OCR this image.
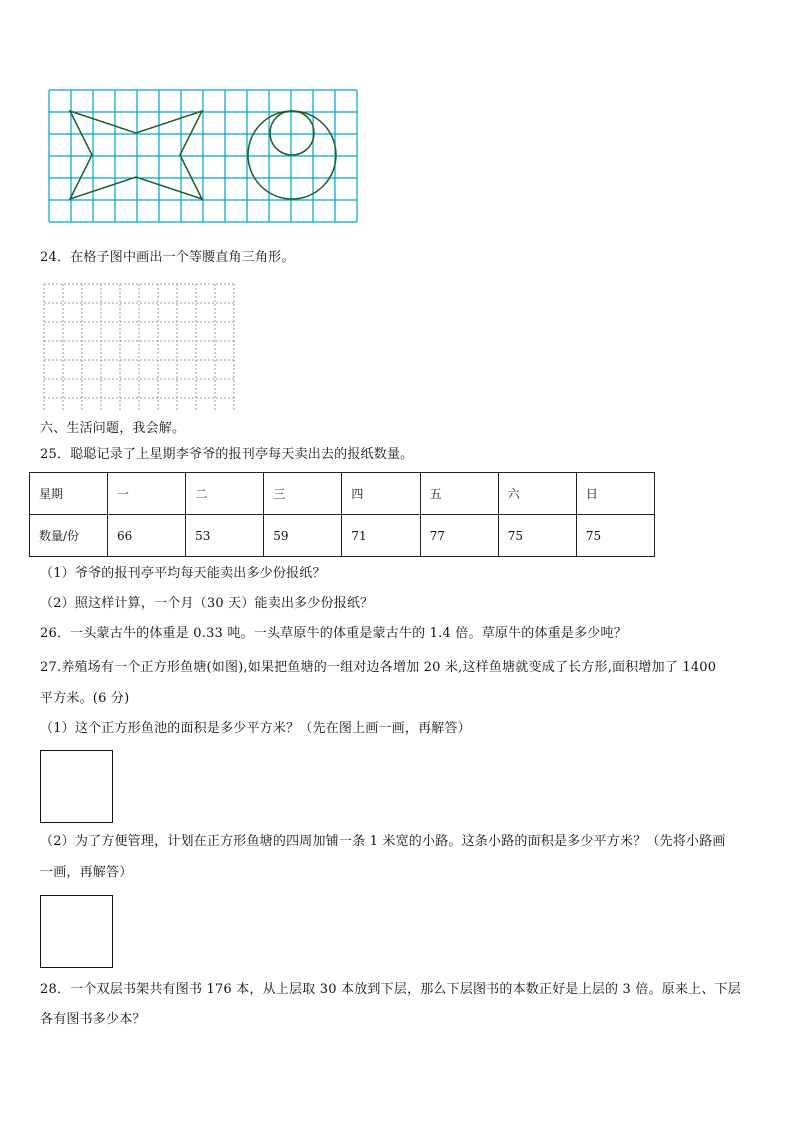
24．在格子图中画出一个等腰直角三角形。
六、生活问题，我会解。
25．聪聪记录了上星期李爷爷的报刊亭每天卖出去的报纸数量。
星期	一	二	三	四	五	六	日
数量/份	66	53	59	71	77	75	75
（1）爷爷的报刊亭平均每天能卖出多少份报纸？
（2）照这样计算，一个月（30 天）能卖出多少份报纸？
26．一头蒙古牛的体重是 0.33 吨。一头草原牛的体重是蒙古牛的 1.4 倍。草原牛的体重是多少吨？
27.养殖场有一个正方形鱼塘(如图),如果把鱼塘的一组对边各增加 20 米,这样鱼塘就变成了长方形,面积增加了 1400
平方米。(6 分)
（1）这个正方形鱼池的面积是多少平方米？（先在图上画一画，再解答）
（2）为了方便管理，计划在正方形鱼塘的四周加铺一条 1 米宽的小路。这条小路的面积是多少平方米？（先将小路画
一画，再解答）
28．一个双层书架共有图书 176 本，从上层取 30 本放到下层，那么下层图书的本数正好是上层的 3 倍。原来上、下层
各有图书多少本？
